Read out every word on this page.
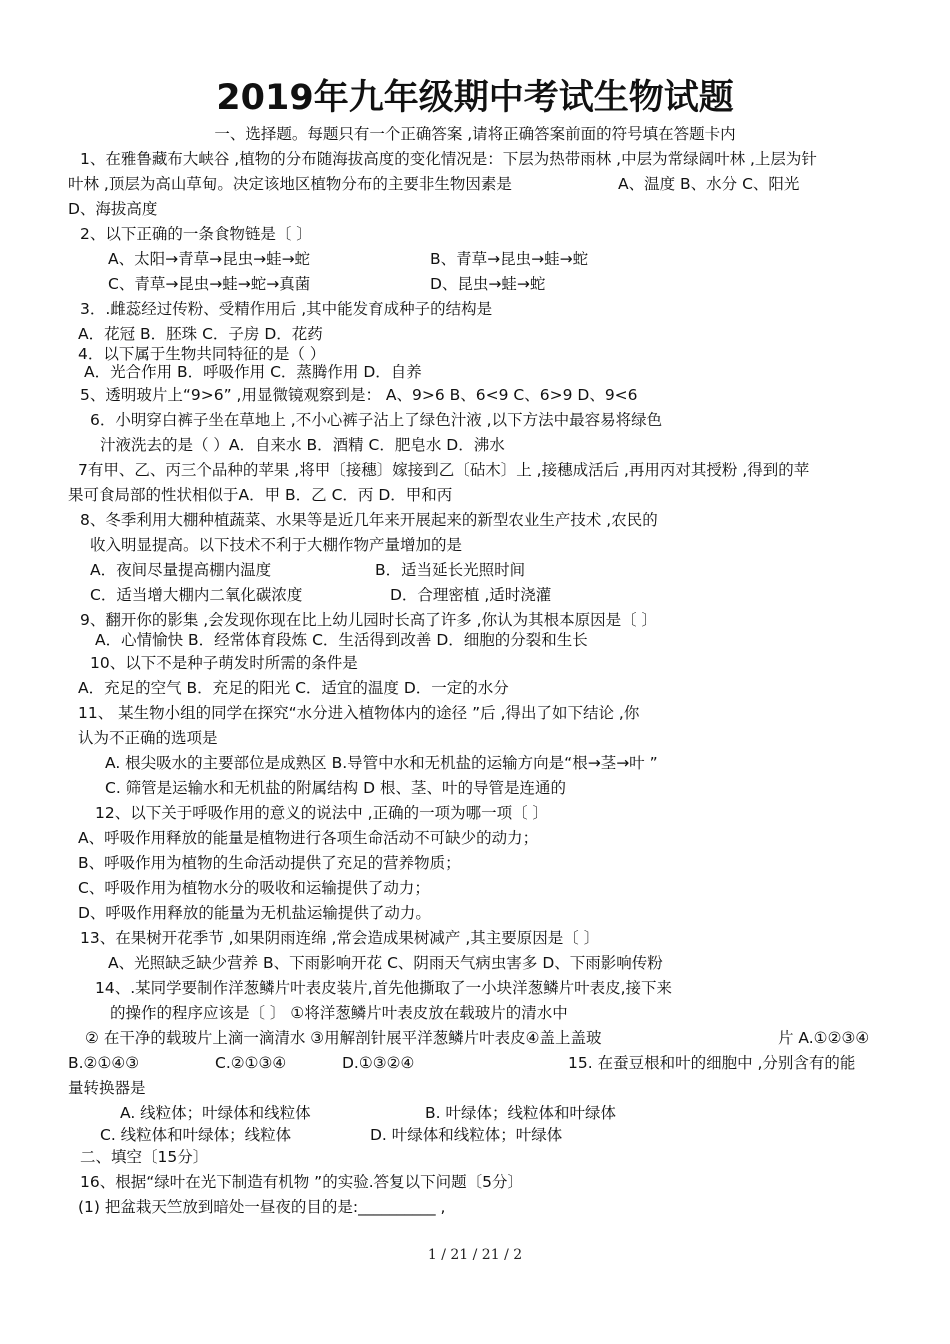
2019年九年级期中考试生物试题
一、选择题。每题只有一个正确答案 ,请将正确答案前面的符号填在答题卡内
1、在雅鲁藏布大峡谷 ,植物的分布随海拔高度的变化情况是：下层为热带雨林 ,中层为常绿阔叶林 ,上层为针
叶林 ,顶层为高山草甸。决定该地区植物分布的主要非生物因素是	A、温度 B、水分 C、阳光
D、海拔高度
2、以下正确的一条食物链是〔 〕
A、太阳→青草→昆虫→蛙→蛇	B、青草→昆虫→蛙→蛇
C、青草→昆虫→蛙→蛇→真菌	D、昆虫→蛙→蛇
3．.雌蕊经过传粉、受精作用后 ,其中能发育成种子的结构是
A．花冠 B．胚珠 C．子房 D．花药
4．以下属于生物共同特征的是（ ）
A．光合作用 B．呼吸作用 C．蒸腾作用 D．自养
5、透明玻片上“9>6” ,用显微镜观察到是： A、9>6 B、6<9 C、6>9 D、9<6
6．小明穿白裤子坐在草地上 ,不小心裤子沾上了绿色汁液 ,以下方法中最容易将绿色
汁液洗去的是（ ）A．自来水 B．酒精 C．肥皂水 D．沸水
7有甲、乙、丙三个品种的苹果 ,将甲〔接穗〕嫁接到乙〔砧木〕上 ,接穗成活后 ,再用丙对其授粉 ,得到的苹
果可食局部的性状相似于A．甲 B．乙 C．丙 D．甲和丙
8、冬季利用大棚种植蔬菜、水果等是近几年来开展起来的新型农业生产技术 ,农民的
收入明显提高。以下技术不利于大棚作物产量增加的是
A．夜间尽量提高棚内温度	B．适当延长光照时间
C．适当增大棚内二氧化碳浓度	D．合理密植 ,适时浇灌
9、翻开你的影集 ,会发现你现在比上幼儿园时长高了许多 ,你认为其根本原因是〔 〕
A．心情愉快 B．经常体育段炼 C．生活得到改善 D．细胞的分裂和生长
10、以下不是种子萌发时所需的条件是
A．充足的空气 B．充足的阳光 C．适宜的温度 D．一定的水分
11、 某生物小组的同学在探究“水分进入植物体内的途径 ”后 ,得出了如下结论 ,你
认为不正确的选项是
A. 根尖吸水的主要部位是成熟区 B.导管中水和无机盐的运输方向是“根→茎→叶 ”
C. 筛管是运输水和无机盐的附属结构 D 根、茎、叶的导管是连通的
12、以下关于呼吸作用的意义的说法中 ,正确的一项为哪一项〔 〕
A、呼吸作用释放的能量是植物进行各项生命活动不可缺少的动力；
B、呼吸作用为植物的生命活动提供了充足的营养物质；
C、呼吸作用为植物水分的吸收和运输提供了动力；
D、呼吸作用释放的能量为无机盐运输提供了动力。
13、在果树开花季节 ,如果阴雨连绵 ,常会造成果树减产 ,其主要原因是〔 〕
A、光照缺乏缺少营养 B、下雨影响开花 C、阴雨天气病虫害多 D、下雨影响传粉
14、.某同学要制作洋葱鳞片叶表皮装片,首先他撕取了一小块洋葱鳞片叶表皮,接下来
的操作的程序应该是〔 〕 ①将洋葱鳞片叶表皮放在载玻片的清水中
② 在干净的载玻片上滴一滴清水 ③用解剖针展平洋葱鳞片叶表皮④盖上盖玻	片 A.①②③④
B.②①④③	C.②①③④	D.①③②④	15. 在蚕豆根和叶的细胞中 ,分别含有的能
量转换器是
A. 线粒体；叶绿体和线粒体	B. 叶绿体；线粒体和叶绿体
C. 线粒体和叶绿体；线粒体	D. 叶绿体和线粒体；叶绿体
二、填空〔15分〕
16、根据“绿叶在光下制造有机物 ”的实验.答复以下问题〔5分〕
(1) 把盆栽天竺放到暗处一昼夜的目的是:__________ ,
1 / 21 / 21 / 2
